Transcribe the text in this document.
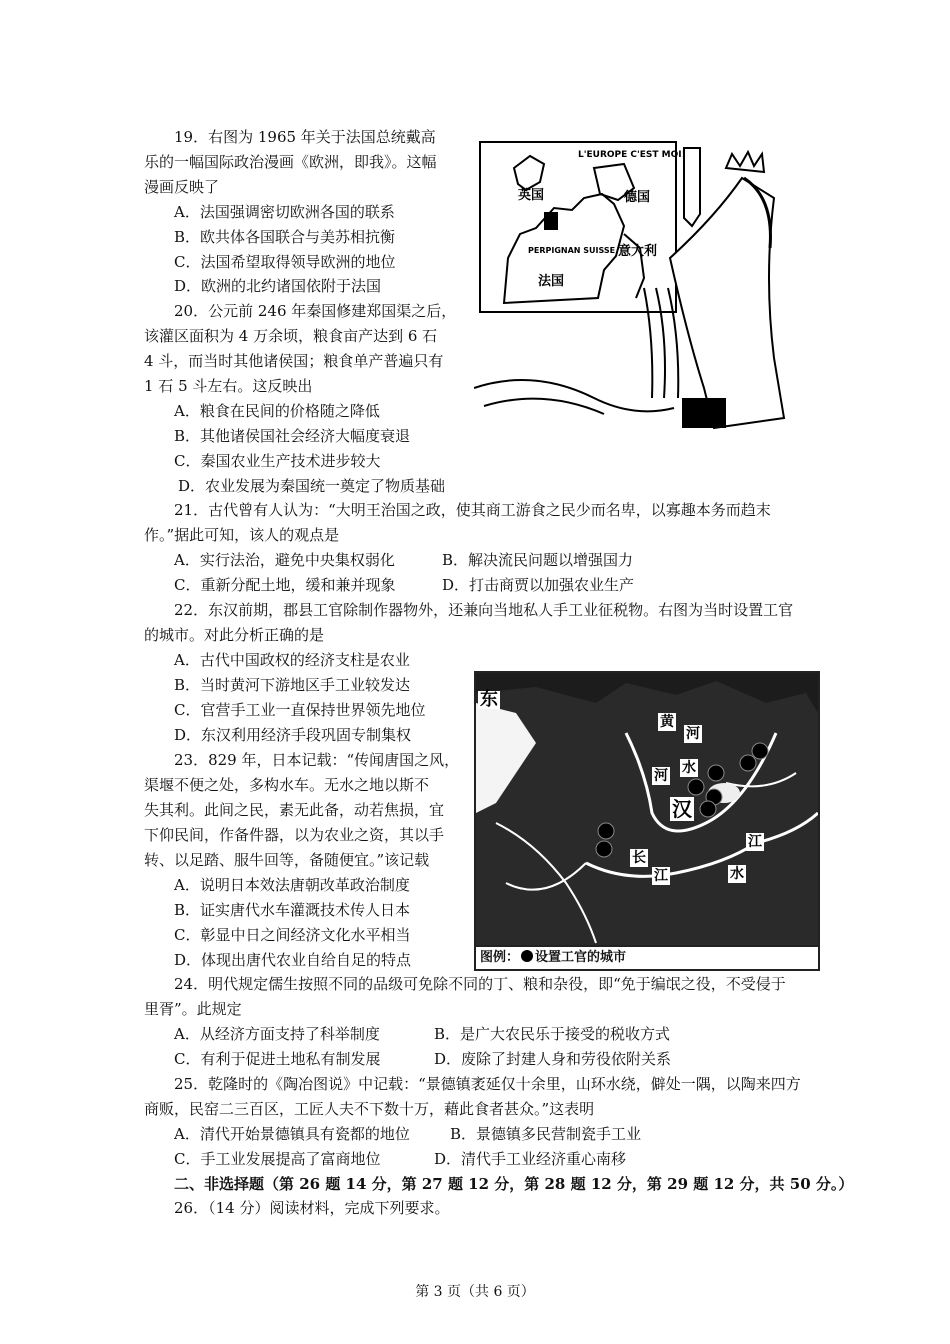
19．右图为 1965 年关于法国总统戴高

乐的一幅国际政治漫画《欧洲，即我》。这幅

漫画反映了

A．法国强调密切欧洲各国的联系

B．欧共体各国联合与美苏相抗衡

C．法国希望取得领导欧洲的地位

D．欧洲的北约诸国依附于法国

L'EUROPE C'EST MOI!
英国	德国
意大利
PERPIGNAN SUISSE
法国

20．公元前 246 年秦国修建郑国渠之后，

该灌区面积为 4 万余顷，粮食亩产达到 6 石

4 斗，而当时其他诸侯国；粮食单产普遍只有

1 石 5 斗左右。这反映出

A．粮食在民间的价格随之降低

B．其他诸侯国社会经济大幅度衰退

C．秦国农业生产技术进步较大

D．农业发展为秦国统一奠定了物质基础

21．古代曾有人认为：“大明王治国之政，使其商工游食之民少而名卑，以寡趣本务而趋末

作。”据此可知，该人的观点是

A．实行法治，避免中央集权弱化	B．解决流民问题以增强国力

C．重新分配土地，缓和兼并现象	D．打击商贾以加强农业生产

22．东汉前期，郡县工官除制作器物外，还兼向当地私人手工业征税物。右图为当时设置工官

的城市。对此分析正确的是

A．古代中国政权的经济支柱是农业

B．当时黄河下游地区手工业较发达

C．官营手工业一直保持世界领先地位

D．东汉利用经济手段巩固专制集权

东
黄
河
河 水
汉
江
长
江	水
图例： 设置工官的城市

23．829 年，日本记载：“传闻唐国之风，

渠堰不便之处，多构水车。无水之地以斯不

失其利。此间之民，素无此备，动若焦损，宜

下仰民间，作备件器，以为农业之资，其以手

转、以足踏、服牛回等，备随便宜。”该记载

A．说明日本效法唐朝改革政治制度

B．证实唐代水车灌溉技术传人日本

C．彰显中日之间经济文化水平相当

D．体现出唐代农业自给自足的特点

24．明代规定儒生按照不同的品级可免除不同的丁、粮和杂役，即“免于编氓之役，不受侵于

里胥”。此规定

A．从经济方面支持了科举制度	B．是广大农民乐于接受的税收方式

C．有利于促进土地私有制发展	D．废除了封建人身和劳役依附关系

25．乾隆时的《陶冶图说》中记载：“景德镇袤延仅十余里，山环水绕，僻处一隅，以陶来四方

商贩，民窑二三百区，工匠人夫不下数十万，藉此食者甚众。”这表明

A．清代开始景德镇具有瓷都的地位	B．景德镇多民营制瓷手工业

C．手工业发展提高了富商地位	D．清代手工业经济重心南移

二、非选择题（第 26 题 14 分，第 27 题 12 分，第 28 题 12 分，第 29 题 12 分，共 50 分。）

26．（14 分）阅读材料，完成下列要求。

第 3 页（共 6 页）
